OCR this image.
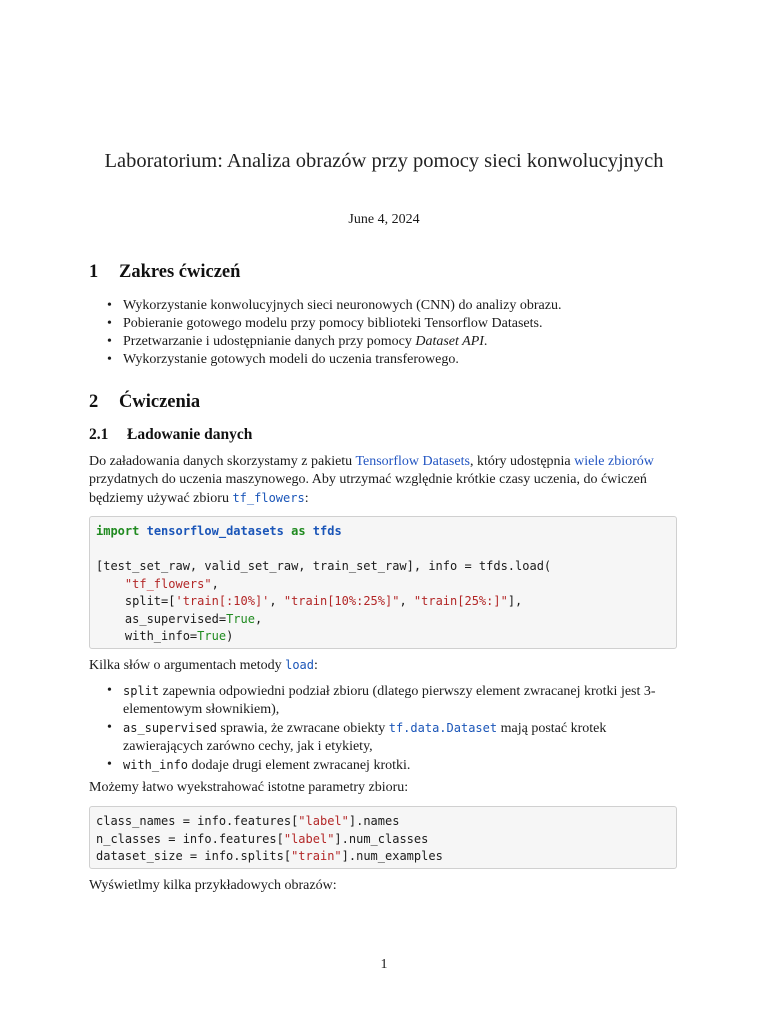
Laboratorium: Analiza obrazów przy pomocy sieci konwolucyjnych
June 4, 2024
1 Zakres ćwiczeń
• Wykorzystanie konwolucyjnych sieci neuronowych (CNN) do analizy obrazu.
• Pobieranie gotowego modelu przy pomocy biblioteki Tensorflow Datasets.
• Przetwarzanie i udostępnianie danych przy pomocy Dataset API.
• Wykorzystanie gotowych modeli do uczenia transferowego.
2 Ćwiczenia
2.1 Ładowanie danych
Do załadowania danych skorzystamy z pakietu Tensorflow Datasets, który udostępnia wiele zbiorów przydatnych do uczenia maszynowego. Aby utrzymać względnie krótkie czasy uczenia, do ćwiczeń będziemy używać zbioru tf_flowers:
import tensorflow_datasets as tfds

[test_set_raw, valid_set_raw, train_set_raw], info = tfds.load(
"tf_flowers",
split=['train[:10%]', "train[10%:25%]", "train[25%:]"],
as_supervised=True,
with_info=True)
Kilka słów o argumentach metody load:
• split zapewnia odpowiedni podział zbioru (dlatego pierwszy element zwracanej krotki jest 3-elementowym słownikiem),
• as_supervised sprawia, że zwracane obiekty tf.data.Dataset mają postać krotek zawierających zarówno cechy, jak i etykiety,
• with_info dodaje drugi element zwracanej krotki.
Możemy łatwo wyekstrahować istotne parametry zbioru:
class_names = info.features["label"].names
n_classes = info.features["label"].num_classes
dataset_size = info.splits["train"].num_examples
Wyświetlmy kilka przykładowych obrazów:
1
